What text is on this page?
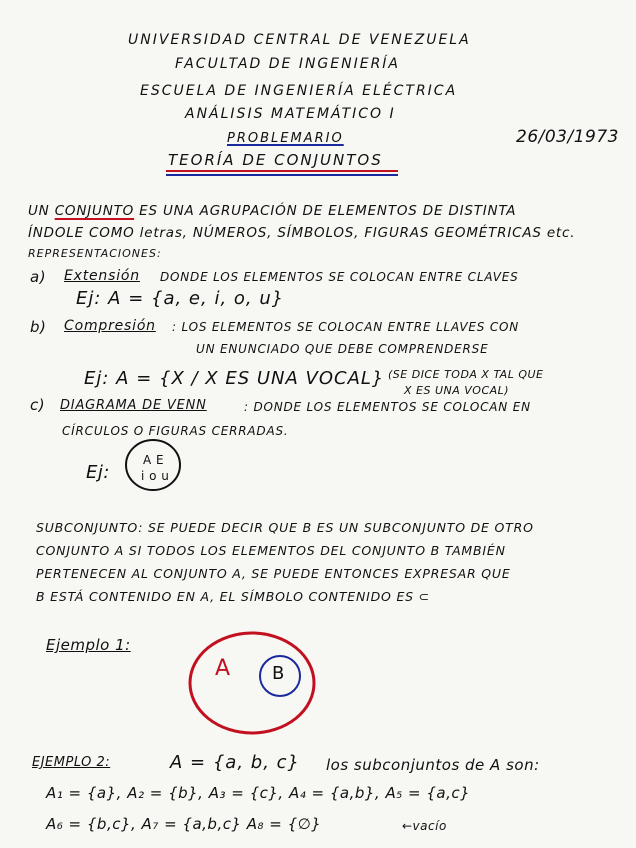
UNIVERSIDAD CENTRAL DE VENEZUELA
FACULTAD DE INGENIERÍA
ESCUELA DE INGENIERÍA ELÉCTRICA
ANÁLISIS MATEMÁTICO I
PROBLEMARIO
TEORÍA DE CONJUNTOS
26/03/1973
UN CONJUNTO ES UNA AGRUPACIÓN DE ELEMENTOS DE DISTINTA
ÍNDOLE COMO letras, NÚMEROS, SÍMBOLOS, FIGURAS GEOMÉTRICAS etc.
REPRESENTACIONES:
a) Extensión DONDE LOS ELEMENTOS SE COLOCAN ENTRE CLAVES
Ej: A = {a, e, i, o, u}
b) Compresión : LOS ELEMENTOS SE COLOCAN ENTRE LLAVES CON
UN ENUNCIADO QUE DEBE COMPRENDERSE
Ej: A = {X / X ES UNA VOCAL} (SE DICE TODA X TAL QUE
X ES UNA VOCAL)
c) DIAGRAMA DE VENN	: DONDE LOS ELEMENTOS SE COLOCAN EN
CÍRCULOS O FIGURAS CERRADAS.
Ej:
A E
i o u
SUBCONJUNTO: SE PUEDE DECIR QUE B ES UN SUBCONJUNTO DE OTRO
CONJUNTO A SI TODOS LOS ELEMENTOS DEL CONJUNTO B TAMBIÉN
PERTENECEN AL CONJUNTO A, SE PUEDE ENTONCES EXPRESAR QUE
B ESTÁ CONTENIDO EN A, EL SÍMBOLO CONTENIDO ES ⊂
Ejemplo 1:
A B
EJEMPLO 2:	A = {a, b, c} los subconjuntos de A son:
A₁ = {a}, A₂ = {b}, A₃ = {c}, A₄ = {a,b}, A₅ = {a,c}
A₆ = {b,c}, A₇ = {a,b,c} A₈ = {∅}	←vacío
